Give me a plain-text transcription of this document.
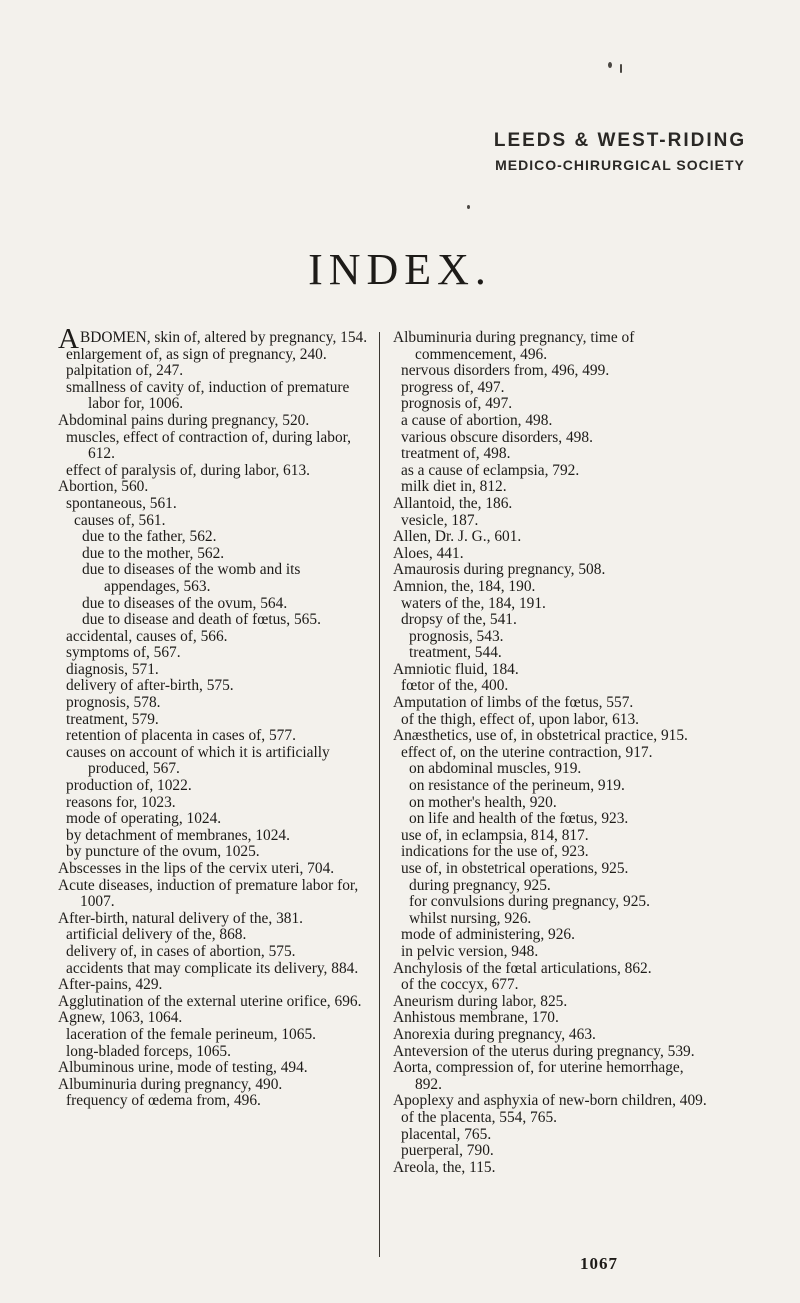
LEEDS & WEST-RIDING
MEDICO-CHIRURGICAL SOCIETY
INDEX.
ABDOMEN, skin of, altered by pregnancy, 154.
enlargement of, as sign of pregnancy, 240.
palpitation of, 247.
smallness of cavity of, induction of premature labor for, 1006.
Abdominal pains during pregnancy, 520.
muscles, effect of contraction of, during labor, 612.
effect of paralysis of, during labor, 613.
Abortion, 560.
spontaneous, 561.
causes of, 561.
due to the father, 562.
due to the mother, 562.
due to diseases of the womb and its appendages, 563.
due to diseases of the ovum, 564.
due to disease and death of fœtus, 565.
accidental, causes of, 566.
symptoms of, 567.
diagnosis, 571.
delivery of after-birth, 575.
prognosis, 578.
treatment, 579.
retention of placenta in cases of, 577.
causes on account of which it is artificially produced, 567.
production of, 1022.
reasons for, 1023.
mode of operating, 1024.
by detachment of membranes, 1024.
by puncture of the ovum, 1025.
Abscesses in the lips of the cervix uteri, 704.
Acute diseases, induction of premature labor for, 1007.
After-birth, natural delivery of the, 381.
artificial delivery of the, 868.
delivery of, in cases of abortion, 575.
accidents that may complicate its delivery, 884.
After-pains, 429.
Agglutination of the external uterine orifice, 696.
Agnew, 1063, 1064.
laceration of the female perineum, 1065.
long-bladed forceps, 1065.
Albuminous urine, mode of testing, 494.
Albuminuria during pregnancy, 490.
frequency of œdema from, 496.
Albuminuria during pregnancy, time of commencement, 496.
nervous disorders from, 496, 499.
progress of, 497.
prognosis of, 497.
a cause of abortion, 498.
various obscure disorders, 498.
treatment of, 498.
as a cause of eclampsia, 792.
milk diet in, 812.
Allantoid, the, 186.
vesicle, 187.
Allen, Dr. J. G., 601.
Aloes, 441.
Amaurosis during pregnancy, 508.
Amnion, the, 184, 190.
waters of the, 184, 191.
dropsy of the, 541.
prognosis, 543.
treatment, 544.
Amniotic fluid, 184.
fœtor of the, 400.
Amputation of limbs of the fœtus, 557.
of the thigh, effect of, upon labor, 613.
Anæsthetics, use of, in obstetrical practice, 915.
effect of, on the uterine contraction, 917.
on abdominal muscles, 919.
on resistance of the perineum, 919.
on mother's health, 920.
on life and health of the fœtus, 923.
use of, in eclampsia, 814, 817.
indications for the use of, 923.
use of, in obstetrical operations, 925.
during pregnancy, 925.
for convulsions during pregnancy, 925.
whilst nursing, 926.
mode of administering, 926.
in pelvic version, 948.
Anchylosis of the fœtal articulations, 862.
of the coccyx, 677.
Aneurism during labor, 825.
Anhistous membrane, 170.
Anorexia during pregnancy, 463.
Anteversion of the uterus during pregnancy, 539.
Aorta, compression of, for uterine hemorrhage, 892.
Apoplexy and asphyxia of new-born children, 409.
of the placenta, 554, 765.
placental, 765.
puerperal, 790.
Areola, the, 115.
1067
